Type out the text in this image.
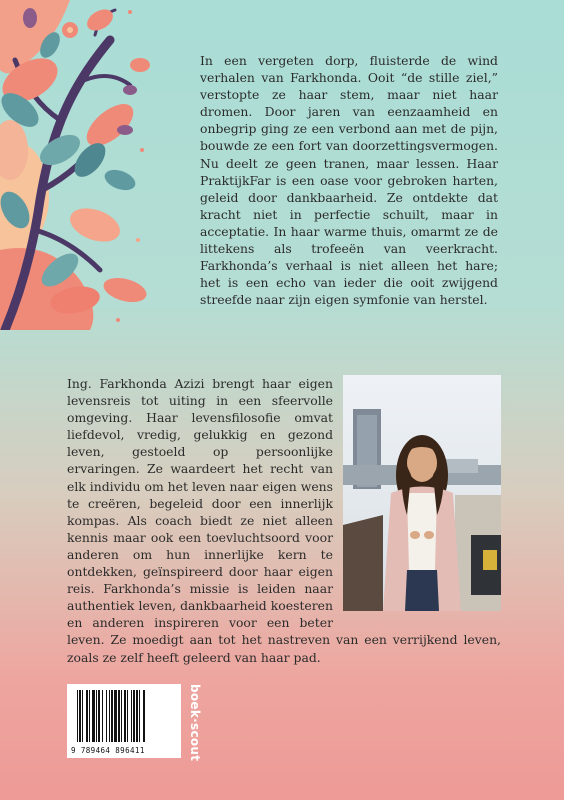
In een vergeten dorp, fluisterde de wind verhalen van Farkhonda. Ooit “de stille ziel,” verstopte ze haar stem, maar niet haar dromen. Door jaren van eenzaamheid en onbegrip ging ze een verbond aan met de pijn, bouwde ze een fort van doorzettingsvermogen. Nu deelt ze geen tranen, maar lessen. Haar PraktijkFar is een oase voor gebroken harten, geleid door dankbaarheid. Ze ontdekte dat kracht niet in perfectie schuilt, maar in acceptatie. In haar warme thuis, omarmt ze de littekens als trofeeën van veerkracht. Farkhonda’s verhaal is niet alleen het hare; het is een echo van ieder die ooit zwijgend streefde naar zijn eigen symfonie van herstel.

Ing. Farkhonda Azizi brengt haar eigen levensreis tot uiting in een sfeervolle omgeving. Haar levensfilosofie omvat liefdevol, vredig, gelukkig en gezond leven, gestoeld op persoonlijke ervaringen. Ze waardeert het recht van elk individu om het leven naar eigen wens te creëren, begeleid door een innerlijk kompas. Als coach biedt ze niet alleen kennis maar ook een toevluchtsoord voor anderen om hun innerlijke kern te ontdekken, geïnspireerd door haar eigen reis. Farkhonda’s missie is leiden naar authentiek leven, dankbaarheid koesteren en anderen inspireren voor een beter leven. Ze moedigt aan tot het nastreven van een verrijkend leven, zoals ze zelf heeft geleerd van haar pad.

9 789464 896411	boek·scout
